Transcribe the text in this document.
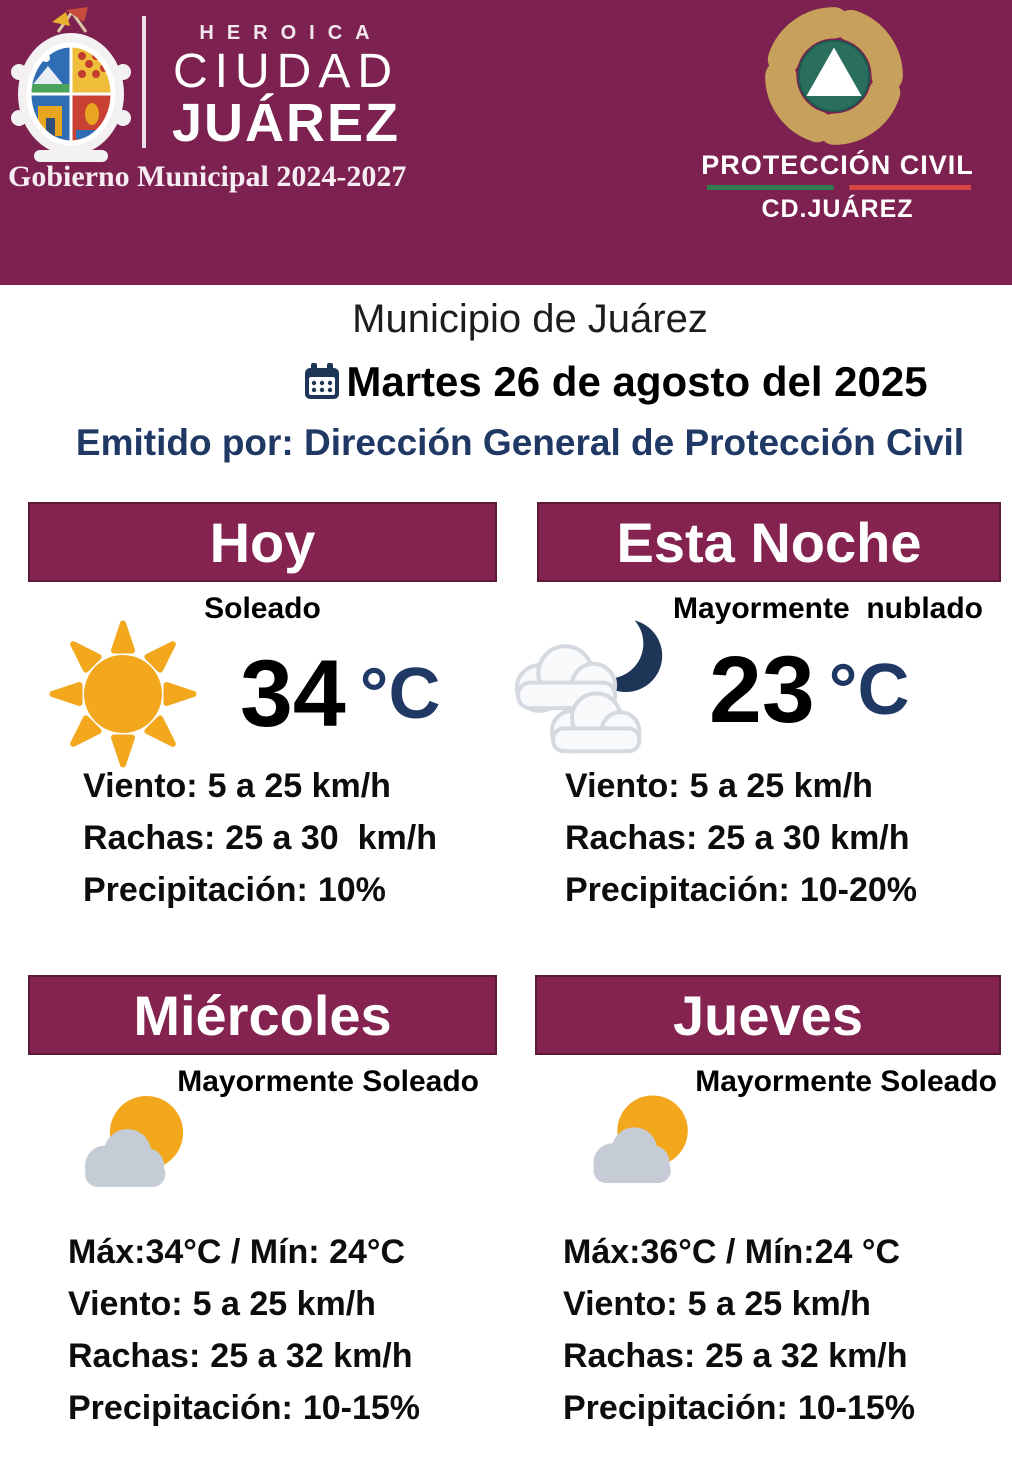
HEROICA
CIUDAD
JUÁREZ
Gobierno Municipal 2024-2027	PROTECCIÓN CIVIL
CD.JUÁREZ
Municipio de Juárez
Martes 26 de agosto del 2025
Emitido por: Dirección General de Protección Civil
Hoy
Soleado
34 °C
Viento: 5 a 25 km/h
Rachas: 25 a 30  km/h
Precipitación: 10%
Esta Noche
Mayormente  nublado
23 °C
Viento: 5 a 25 km/h
Rachas: 25 a 30 km/h
Precipitación: 10-20%
Miércoles
Mayormente Soleado
Máx:34°C / Mín: 24°C
Viento: 5 a 25 km/h
Rachas: 25 a 32 km/h
Precipitación: 10-15%
Jueves
Mayormente Soleado
Máx:36°C / Mín:24 °C
Viento: 5 a 25 km/h
Rachas: 25 a 32 km/h
Precipitación: 10-15%
